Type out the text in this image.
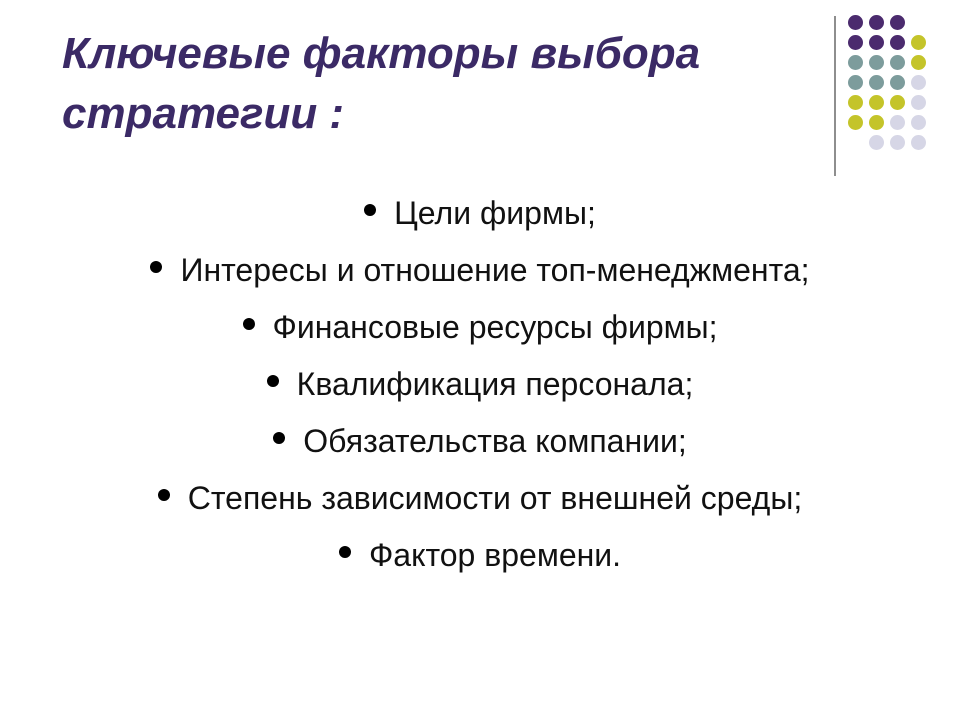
Ключевые факторы выбора
стратегии :
Цели фирмы;
Интересы и отношение топ-менеджмента;
Финансовые ресурсы фирмы;
Квалификация персонала;
Обязательства компании;
Степень зависимости от внешней среды;
Фактор времени.
